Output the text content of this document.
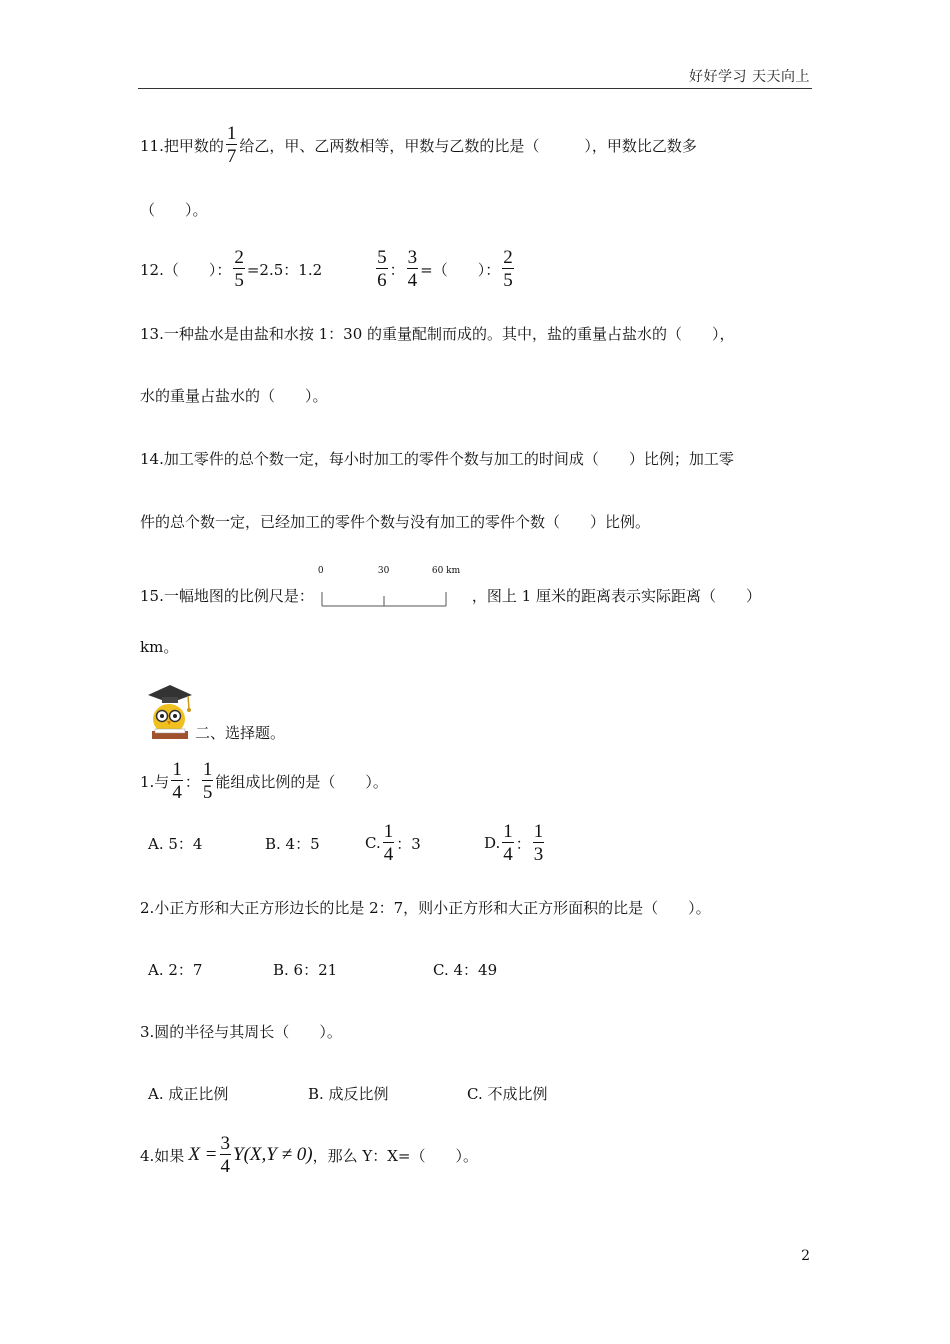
好好学习 天天向上
11.把甲数的 $\frac{1}{7}$ 给乙，甲、乙两数相等，甲数与乙数的比是（　　　），甲数比乙数多
（　　）。
12.（　　）： $\frac{2}{5} =2.5$：1.2	$\frac{5}{6}$ ： $\frac{3}{4}$ =（　　）： $\frac{2}{5}$
13.一种盐水是由盐和水按 1：30 的重量配制而成的。其中，盐的重量占盐水的（　　），
水的重量占盐水的（　　）。
14.加工零件的总个数一定，每小时加工的零件个数与加工的时间成（　　）比例；加工零
件的总个数一定，已经加工的零件个数与没有加工的零件个数（　　）比例。
15.一幅地图的比例尺是：
0	30	60 km
，图上 1 厘米的距离表示实际距离（　　）
km。
二、选择题。
1.与 $\frac{1}{4}$ ： $\frac{1}{5}$ 能组成比例的是（　　）。
A. 5：4	B. 4：5	C. $\frac{1}{4}$ ：3	D. $\frac{1}{4}$ ： $\frac{1}{3}$
2.小正方形和大正方形边长的比是 2：7，则小正方形和大正方形面积的比是（　　）。
A. 2：7	B. 6：21	C. 4：49
3.圆的半径与其周长（　　）。
A. 成正比例	B. 成反比例	C. 不成比例
4.如果 $X = \frac{3}{4} Y(X,Y \ne 0)$ ，那么 Y：X=（　　）。
2
